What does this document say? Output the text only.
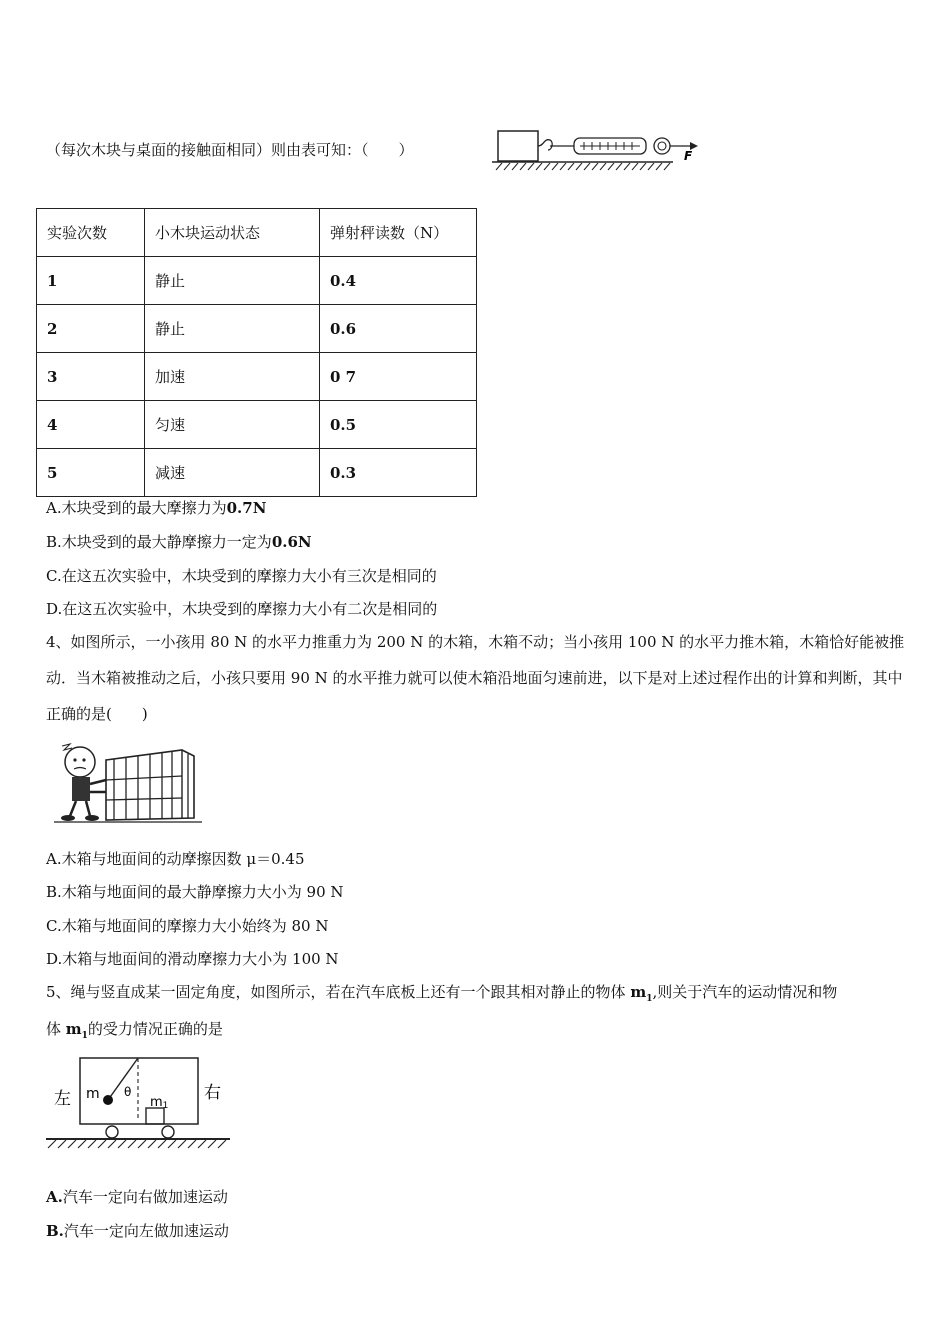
（每次木块与桌面的接触面相同）则由表可知：（　　）	F
实验次数	小木块运动状态	弹射秤读数（N）
1	静止	0.4
2	静止	0.6
3	加速	0 7
4	匀速	0.5
5	减速	0.3
A.木块受到的最大摩擦力为0.7N
B.木块受到的最大静摩擦力一定为0.6N
C.在这五次实验中，木块受到的摩擦力大小有三次是相同的
D.在这五次实验中，木块受到的摩擦力大小有二次是相同的
4、如图所示，一小孩用 80 N 的水平力推重力为 200 N 的木箱，木箱不动；当小孩用 100 N 的水平力推木箱，木箱恰好能被推动．当木箱被推动之后，小孩只要用 90 N 的水平推力就可以使木箱沿地面匀速前进，以下是对上述过程作出的计算和判断，其中正确的是(　　)
A.木箱与地面间的动摩擦因数 μ＝0.45
B.木箱与地面间的最大静摩擦力大小为 90 N
C.木箱与地面间的摩擦力大小始终为 80 N
D.木箱与地面间的滑动摩擦力大小为 100 N
5、绳与竖直成某一固定角度，如图所示，若在汽车底板上还有一个跟其相对静止的物体 $m_1$,则关于汽车的运动情况和物
体 $m_1$的受力情况正确的是
左	右
m θ
m1
A.汽车一定向右做加速运动
B.汽车一定向左做加速运动
